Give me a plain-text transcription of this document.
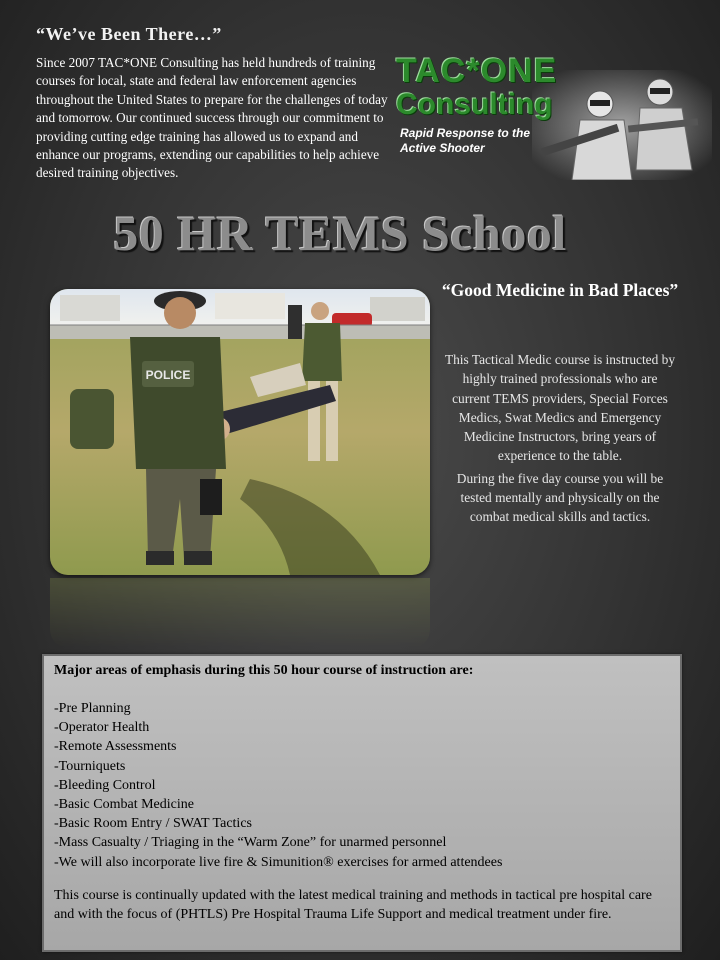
“We’ve Been There…”
Since 2007 TAC*ONE Consulting has held hundreds of training courses for local, state and federal law enforcement agencies throughout the United States to prepare for the challenges of today and tomorrow. Our continued success through our commitment to providing cutting edge training has allowed us to expand and enhance our programs, extending our capabilities to help achieve desired training objectives.
TAC*ONE
Consulting
Rapid Response to the
Active Shooter
50 HR TEMS School
POLICE
“Good Medicine in Bad Places”

This Tactical Medic course is instructed by highly trained professionals who are current TEMS providers, Special Forces Medics, Swat Medics and Emergency Medicine Instructors, bring years of experience to the table.

During the five day course you will be tested mentally and physically on the combat medical skills and tactics.

Major areas of emphasis during this 50 hour course of instruction are:

-Pre Planning
-Operator Health
-Remote Assessments
-Tourniquets
-Bleeding Control
-Basic Combat Medicine
-Basic Room Entry / SWAT Tactics
-Mass Casualty / Triaging in the “Warm Zone” for unarmed personnel
-We will also incorporate live fire & Simunition® exercises for armed attendees

This course is continually updated with the latest medical training and methods in tactical pre hospital care and with the focus of (PHTLS) Pre Hospital Trauma Life Support and medical treatment under fire.
